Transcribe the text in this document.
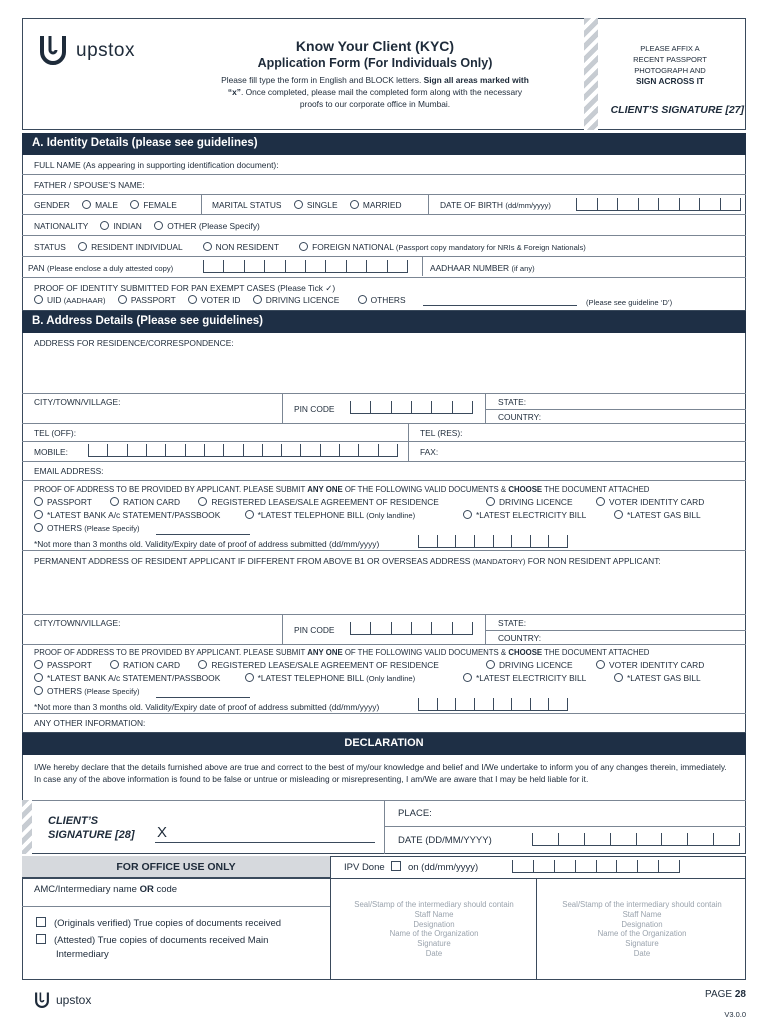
upstox	Know Your Client (KYC)
Application Form (For Individuals Only)
Please fill type the form in English and BLOCK letters. Sign all areas marked with
“x”. Once completed, please mail the completed form along with the necessary
proofs to our corporate office in Mumbai.
PLEASE AFFIX A
RECENT PASSPORT
PHOTOGRAPH AND
SIGN ACROSS IT
CLIENT’S SIGNATURE [27]
A. Identity Details (please see guidelines)
FULL NAME (As appearing in supporting identification document):
FATHER / SPOUSE’S NAME:
GENDER	MALE	FEMALE	MARITAL STATUS	SINGLE	MARRIED	DATE OF BIRTH (dd/mm/yyyy)
NATIONALITY	INDIAN	OTHER (Please Specify)
STATUS	RESIDENT INDIVIDUAL	NON RESIDENT	FOREIGN NATIONAL (Passport copy mandatory for NRIs & Foreign Nationals)
PAN (Please enclose a duly attested copy)	AADHAAR NUMBER (if any)
PROOF OF IDENTITY SUBMITTED FOR PAN EXEMPT CASES (Please Tick ✓)
UID (AADHAAR)	PASSPORT	VOTER ID	DRIVING LICENCE	OTHERS	(Please see guideline ‘D’)
B. Address Details (Please see guidelines)
ADDRESS FOR RESIDENCE/CORRESPONDENCE:
CITY/TOWN/VILLAGE:
PIN CODE
STATE:
COUNTRY:
TEL (OFF):	TEL (RES):
MOBILE:	FAX:
EMAIL ADDRESS:
PROOF OF ADDRESS TO BE PROVIDED BY APPLICANT. PLEASE SUBMIT ANY ONE OF THE FOLLOWING VALID DOCUMENTS & CHOOSE THE DOCUMENT ATTACHED
PASSPORT	RATION CARD	REGISTERED LEASE/SALE AGREEMENT OF RESIDENCE	DRIVING LICENCE	VOTER IDENTITY CARD
*LATEST BANK A/c STATEMENT/PASSBOOK	*LATEST TELEPHONE BILL (Only landline)	*LATEST ELECTRICITY BILL	*LATEST GAS BILL
OTHERS (Please Specify)
*Not more than 3 months old. Validity/Expiry date of proof of address submitted (dd/mm/yyyy)
PERMANENT ADDRESS OF RESIDENT APPLICANT IF DIFFERENT FROM ABOVE B1 OR OVERSEAS ADDRESS (MANDATORY) FOR NON RESIDENT APPLICANT:
CITY/TOWN/VILLAGE:
PIN CODE
STATE:
COUNTRY:
PROOF OF ADDRESS TO BE PROVIDED BY APPLICANT. PLEASE SUBMIT ANY ONE OF THE FOLLOWING VALID DOCUMENTS & CHOOSE THE DOCUMENT ATTACHED
PASSPORT	RATION CARD	REGISTERED LEASE/SALE AGREEMENT OF RESIDENCE	DRIVING LICENCE	VOTER IDENTITY CARD
*LATEST BANK A/c STATEMENT/PASSBOOK	*LATEST TELEPHONE BILL (Only landline)	*LATEST ELECTRICITY BILL	*LATEST GAS BILL
OTHERS (Please Specify)
*Not more than 3 months old. Validity/Expiry date of proof of address submitted (dd/mm/yyyy)
ANY OTHER INFORMATION:
DECLARATION
I/We hereby declare that the details furnished above are true and correct to the best of my/our knowledge and belief and I/We undertake to inform you of any changes therein, immediately. In case any of the above information is found to be false or untrue or misleading or misrepresenting, I am/We are aware that I may be held liable for it.
CLIENT’S
SIGNATURE [28] X
PLACE:
DATE (DD/MM/YYYY)
FOR OFFICE USE ONLY	IPV Done on (dd/mm/yyyy)
AMC/Intermediary name OR code
(Originals verified) True copies of documents received
(Attested) True copies of documents received Main
Intermediary
Seal/Stamp of the intermediary should contain
Staff Name
Designation
Name of the Organization
Signature
Date
Seal/Stamp of the intermediary should contain
Staff Name
Designation
Name of the Organization
Signature
Date
upstox	PAGE 28
V3.0.0
